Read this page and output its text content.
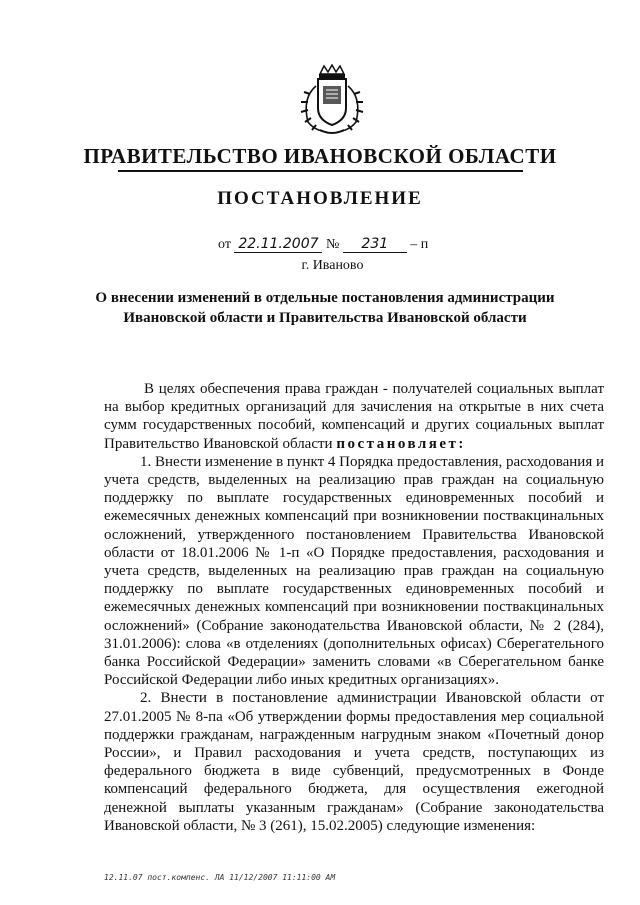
ПРАВИТЕЛЬСТВО ИВАНОВСКОЙ ОБЛАСТИ
ПОСТАНОВЛЕНИЕ
от 22.11.2007 № 231 – п
г. Иваново
О внесении изменений в отдельные постановления администрации Ивановской области и Правительства Ивановской области

В целях обеспечения права граждан - получателей социальных выплат на выбор кредитных организаций для зачисления на открытые в них счета сумм государственных пособий, компенсаций и других социальных выплат Правительство Ивановской области постановляет:

1. Внести изменение в пункт 4 Порядка предоставления, расходования и учета средств, выделенных на реализацию прав граждан на социальную поддержку по выплате государственных единовременных пособий и ежемесячных денежных компенсаций при возникновении поствакцинальных осложнений, утвержденного постановлением Правительства Ивановской области от 18.01.2006 № 1-п «О Порядке предоставления, расходования и учета средств, выделенных на реализацию прав граждан на социальную поддержку по выплате государственных единовременных пособий и ежемесячных денежных компенсаций при возникновении поствакцинальных осложнений» (Собрание законодательства Ивановской области, № 2 (284), 31.01.2006): слова «в отделениях (дополнительных офисах) Сберегательного банка Российской Федерации» заменить словами «в Сберегательном банке Российской Федерации либо иных кредитных организациях».

2. Внести в постановление администрации Ивановской области от 27.01.2005 № 8-па «Об утверждении формы предоставления мер социальной поддержки гражданам, награжденным нагрудным знаком «Почетный донор России», и Правил расходования и учета средств, поступающих из федерального бюджета в виде субвенций, предусмотренных в Фонде компенсаций федерального бюджета, для осуществления ежегодной денежной выплаты указанным гражданам» (Собрание законодательства Ивановской области, № 3 (261), 15.02.2005) следующие изменения:

12.11.07 пост.компенс. ЛА 11/12/2007 11:11:00 AM
